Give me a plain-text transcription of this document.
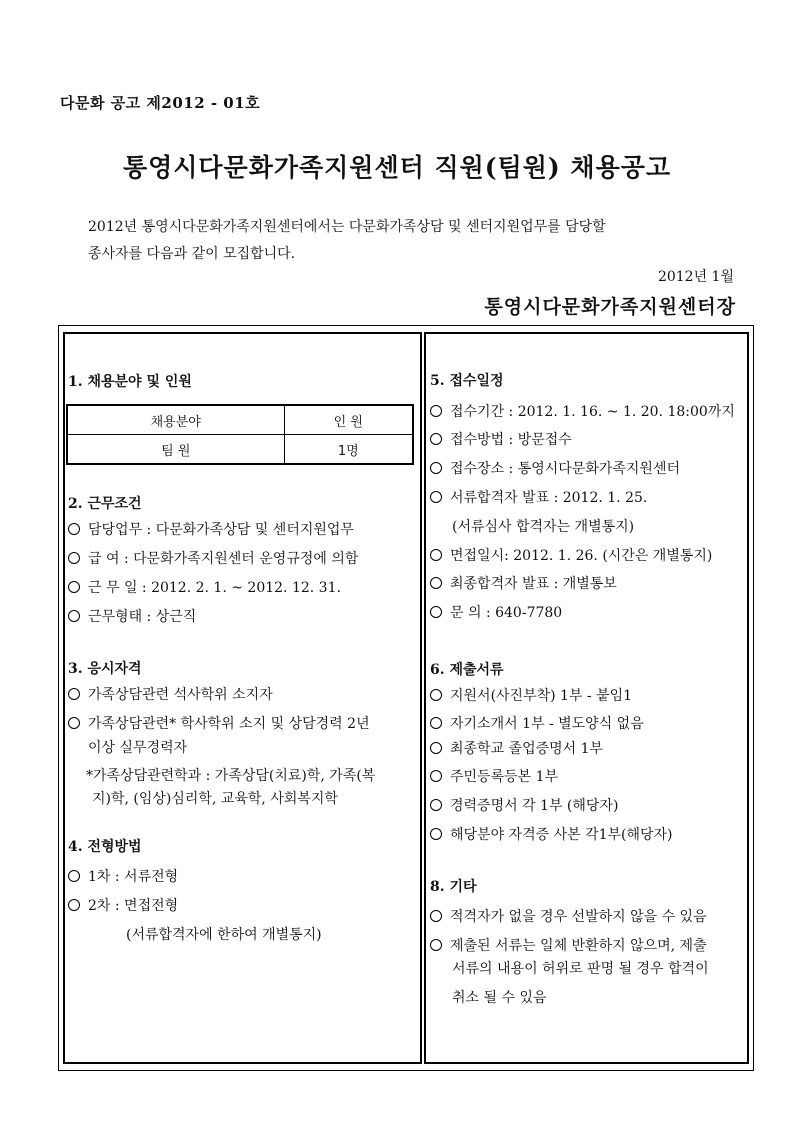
다문화 공고 제2012 - 01호
통영시다문화가족지원센터 직원(팀원) 채용공고
2012년 통영시다문화가족지원센터에서는 다문화가족상담 및 센터지원업무를 담당할
종사자를 다음과 같이 모집합니다.
2012년 1월
통영시다문화가족지원센터장
1. 채용분야 및 인원
채용분야	인 원
팀 원	1명
2. 근무조건
담당업무 : 다문화가족상담 및 센터지원업무
급 여 : 다문화가족지원센터 운영규정에 의함
근 무 일 : 2012. 2. 1. ~ 2012. 12. 31.
근무형태 : 상근직
3. 응시자격
가족상담관련 석사학위 소지자
가족상담관련* 학사학위 소지 및 상담경력 2년
이상 실무경력자
*가족상담관련학과 : 가족상담(치료)학, 가족(복
지)학, (임상)심리학, 교육학, 사회복지학
4. 전형방법
1차 : 서류전형
2차 : 면접전형
(서류합격자에 한하여 개별통지)
5. 접수일정
접수기간 : 2012. 1. 16. ~ 1. 20. 18:00까지
접수방법 : 방문접수
접수장소 : 통영시다문화가족지원센터
서류합격자 발표 : 2012. 1. 25.
(서류심사 합격자는 개별통지)
면접일시: 2012. 1. 26. (시간은 개별통지)
최종합격자 발표 : 개별통보
문 의 : 640-7780
6. 제출서류
지원서(사진부착) 1부 - 붙임1
자기소개서 1부 - 별도양식 없음
최종학교 졸업증명서 1부
주민등록등본 1부
경력증명서 각 1부 (해당자)
해당분야 자격증 사본 각1부(해당자)
8. 기타
적격자가 없을 경우 선발하지 않을 수 있음
제출된 서류는 일체 반환하지 않으며, 제출
서류의 내용이 허위로 판명 될 경우 합격이
취소 될 수 있음
